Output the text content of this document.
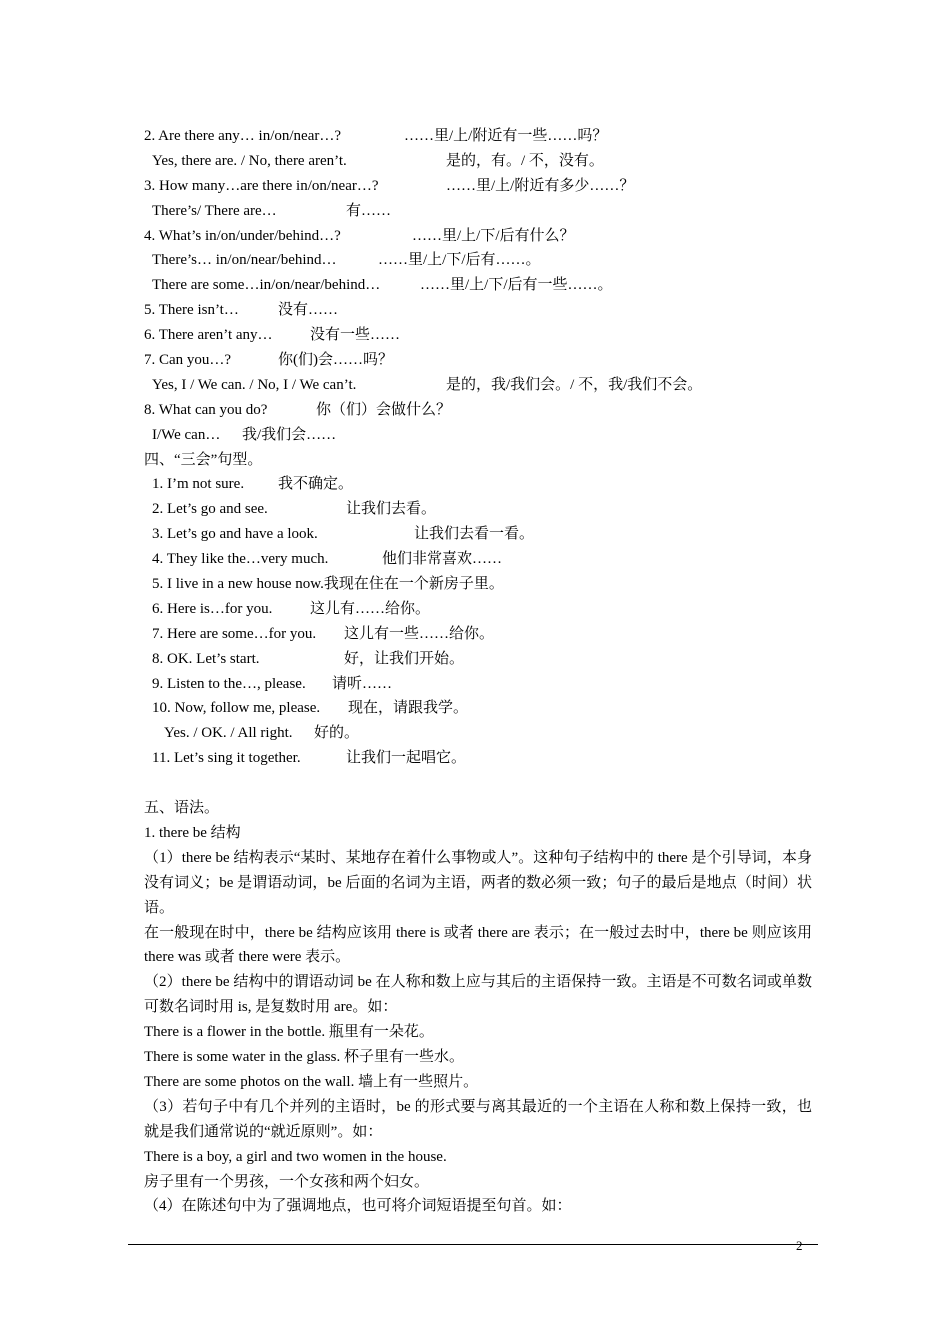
2. Are there any… in/on/near…?	……里/上/附近有一些……吗？
Yes, there are. / No, there aren’t.	是的，有。/ 不，没有。
3. How many…are there in/on/near…?	……里/上/附近有多少……？
There’s/ There are…	有……
4. What’s in/on/under/behind…?	……里/上/下/后有什么？
There’s… in/on/near/behind…	……里/上/下/后有……。
There are some…in/on/near/behind…	……里/上/下/后有一些……。
5. There isn’t…	没有……
6. There aren’t any… 没有一些……
7. Can you…?	你(们)会……吗？
Yes, I / We can. / No, I / We can’t.	是的，我/我们会。/ 不，我/我们不会。
8. What can you do?	你（们）会做什么？
I/We can… 我/我们会……
四、“三会”句型。
1. I’m not sure. 我不确定。
2. Let’s go and see.	让我们去看。
3. Let’s go and have a look.	让我们去看一看。
4. They like the…very much.	他们非常喜欢……
5. I live in a new house now.我现在住在一个新房子里。
6. Here is…for you.	这儿有……给你。
7. Here are some…for you. 这儿有一些……给你。
8. OK. Let’s start.	好，让我们开始。
9. Listen to the…, please. 请听……
10. Now, follow me, please. 现在，请跟我学。
Yes. / OK. / All right. 好的。
11. Let’s sing it together.	让我们一起唱它。
五、语法。
1. there be 结构
（1）there be 结构表示“某时、某地存在着什么事物或人”。这种句子结构中的 there 是个引导词，本身没有词义；be 是谓语动词，be 后面的名词为主语，两者的数必须一致；句子的最后是地点（时间）状语。
在一般现在时中，there be 结构应该用 there is 或者 there are 表示；在一般过去时中，there be 则应该用 there was 或者 there were 表示。
（2）there be 结构中的谓语动词 be 在人称和数上应与其后的主语保持一致。主语是不可数名词或单数可数名词时用 is, 是复数时用 are。如：
There is a flower in the bottle. 瓶里有一朵花。
There is some water in the glass. 杯子里有一些水。
There are some photos on the wall. 墙上有一些照片。
（3）若句子中有几个并列的主语时，be 的形式要与离其最近的一个主语在人称和数上保持一致，也就是我们通常说的“就近原则”。如：
There is a boy, a girl and two women in the house.
房子里有一个男孩，一个女孩和两个妇女。
（4）在陈述句中为了强调地点，也可将介词短语提至句首。如：
2
